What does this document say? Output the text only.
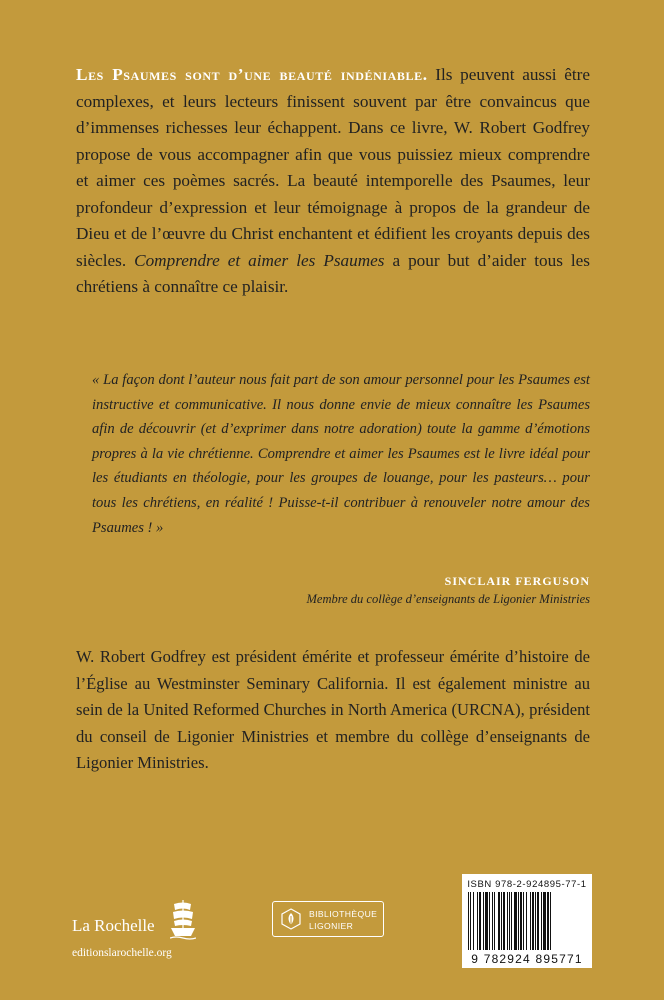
Les Psaumes sont d’une beauté indéniable. Ils peuvent aussi être complexes, et leurs lecteurs finissent souvent par être convaincus que d’immenses richesses leur échappent. Dans ce livre, W. Robert Godfrey propose de vous accompagner afin que vous puissiez mieux comprendre et aimer ces poèmes sacrés. La beauté intemporelle des Psaumes, leur profondeur d’expression et leur témoignage à propos de la grandeur de Dieu et de l’œuvre du Christ enchantent et édifient les croyants depuis des siècles. Comprendre et aimer les Psaumes a pour but d’aider tous les chrétiens à connaître ce plaisir.
« La façon dont l’auteur nous fait part de son amour personnel pour les Psaumes est instructive et communicative. Il nous donne envie de mieux connaître les Psaumes afin de découvrir (et d’exprimer dans notre adoration) toute la gamme d’émotions propres à la vie chrétienne. Comprendre et aimer les Psaumes est le livre idéal pour les étudiants en théologie, pour les groupes de louange, pour les pasteurs… pour tous les chrétiens, en réalité ! Puisse-t-il contribuer à renouveler notre amour des Psaumes ! »
SINCLAIR FERGUSON
Membre du collège d’enseignants de Ligonier Ministries
W. Robert Godfrey est président émérite et professeur émérite d’histoire de l’Église au Westminster Seminary California. Il est également ministre au sein de la United Reformed Churches in North America (URCNA), président du conseil de Ligonier Ministries et membre du collège d’enseignants de Ligonier Ministries.
La Rochelle
editionslarochelle.org
BIBLIOTHÈQUE
LIGONIER
ISBN 978-2-924895-77-1
9 782924 895771
